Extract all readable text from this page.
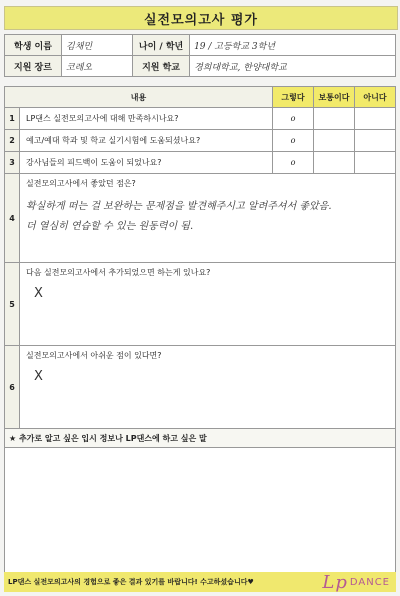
실전모의고사 평가
학생 이름	김채민	나이 / 학년	19 / 고등학교 3학년
지원 장르	코레오	지원 학교	경희대학교, 한양대학교
내용		그렇다	보통이다	아니다
1	LP댄스 실전모의고사에 대해 만족하시나요?	o		
2	예고/예대 학과 및 학교 실기시험에 도움되셨나요?	o		
3	강사님들의 피드백이 도움이 되었나요?	o		
4	실전모의고사에서 좋았던 점은?
확실하게 떠는 걸 보완하는 문제점을 발견해주시고 알려주셔서 좋았음.
더 열심히 연습할 수 있는 원동력이 됨.			

5	다음 실전모의고사에서 추가되었으면 하는게 있나요?
X			

6	실전모의고사에서 아쉬운 점이 있다면?
X			
★ 추가로 알고 싶은 입시 정보나 LP댄스에 하고 싶은 말
LP댄스 실전모의고사의 경험으로 좋은 결과 있기를 바랍니다! 수고하셨습니다♥	Lp DANCE
